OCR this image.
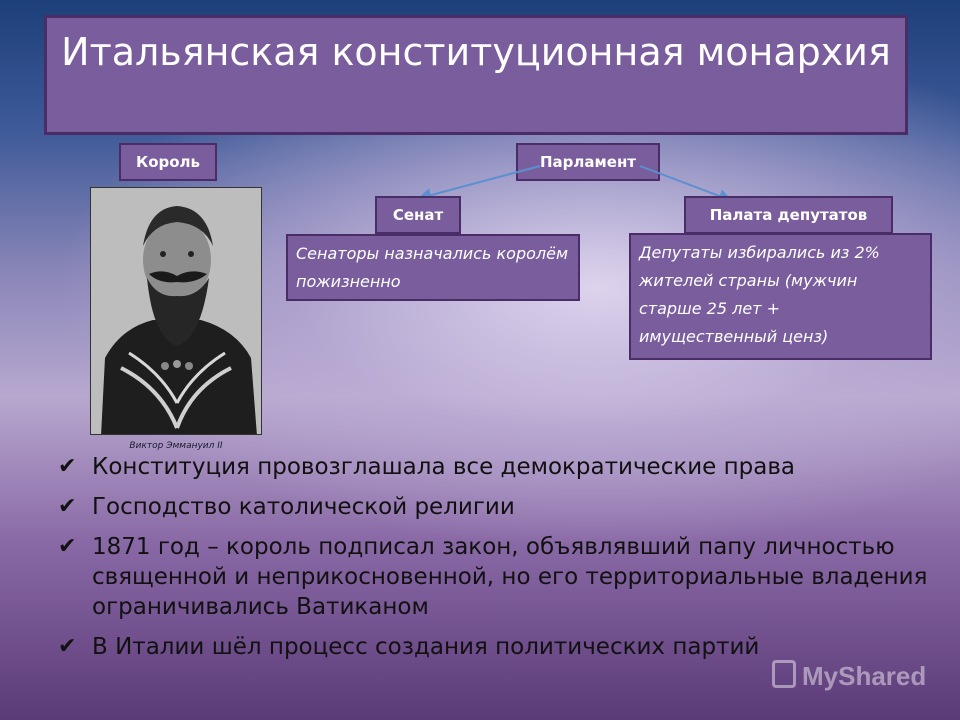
Итальянская конституционная монархия
Король	Парламент
Сенат	Палата депутатов
Сенаторы назначались королём пожизненно
Депутаты избирались из 2% жителей страны (мужчин старше 25 лет + имущественный ценз)
Виктор Эммануил II
✔ Конституция провозглашала все демократические права
✔ Господство католической религии
✔ 1871 год – король подписал закон, объявлявший папу личностью священной и неприкосновенной, но его территориальные владения ограничивались Ватиканом
✔ В Италии шёл процесс создания политических партий
MyShared
